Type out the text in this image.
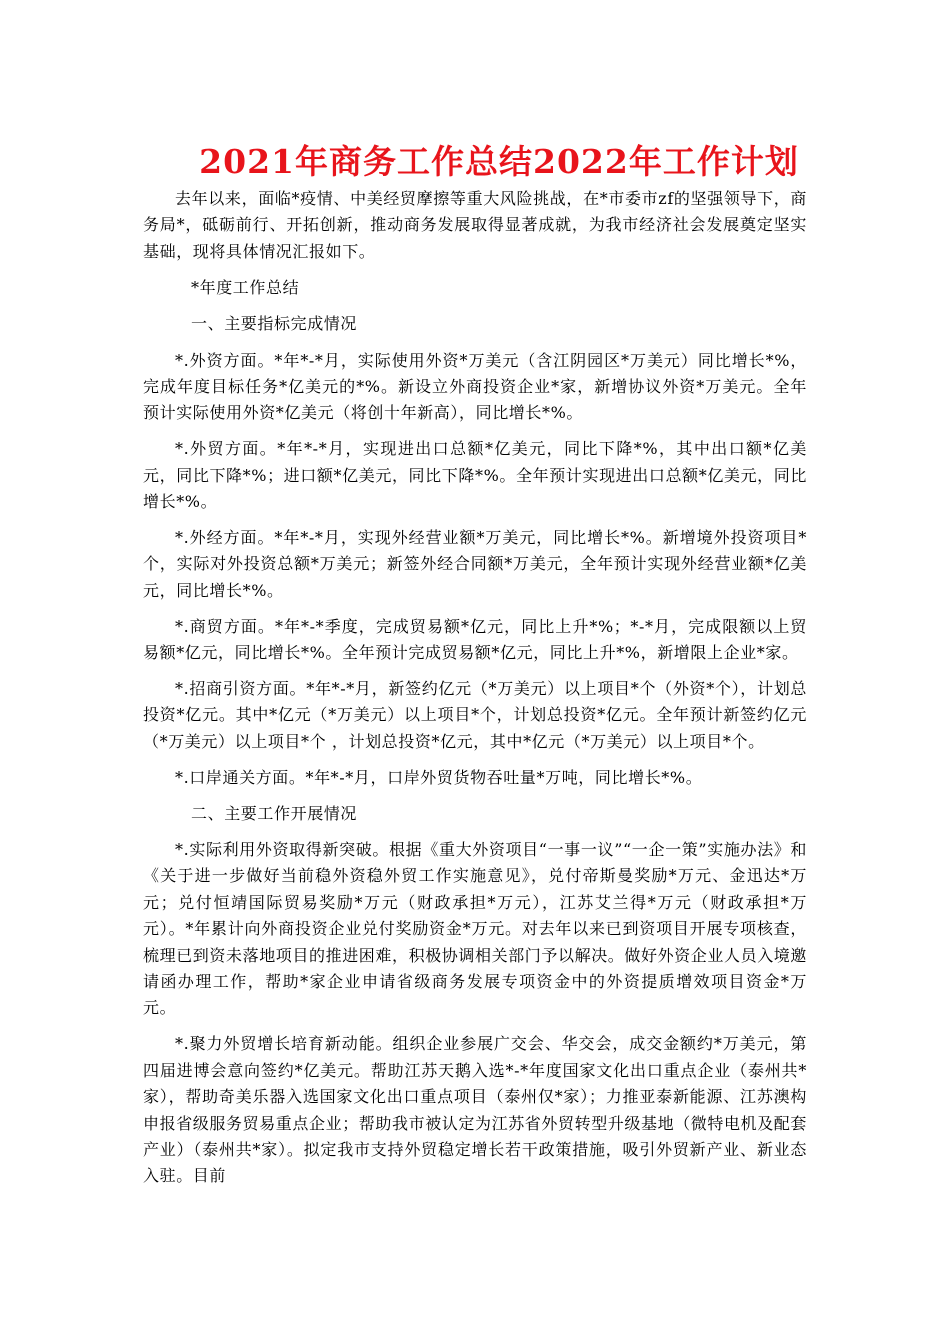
2021年商务工作总结2022年工作计划

去年以来，面临*疫情、中美经贸摩擦等重大风险挑战，在*市委市zf的坚强领导下，商务局*，砥砺前行、开拓创新，推动商务发展取得显著成就，为我市经济社会发展奠定坚实基础，现将具体情况汇报如下。

*年度工作总结

一、主要指标完成情况

*.外资方面。*年*-*月，实际使用外资*万美元（含江阴园区*万美元）同比增长*%，完成年度目标任务*亿美元的*%。新设立外商投资企业*家，新增协议外资*万美元。全年预计实际使用外资*亿美元（将创十年新高），同比增长*%。

*.外贸方面。*年*-*月，实现进出口总额*亿美元，同比下降*%，其中出口额*亿美元，同比下降*%；进口额*亿美元，同比下降*%。全年预计实现进出口总额*亿美元，同比增长*%。

*.外经方面。*年*-*月，实现外经营业额*万美元，同比增长*%。新增境外投资项目*个，实际对外投资总额*万美元；新签外经合同额*万美元，全年预计实现外经营业额*亿美元，同比增长*%。

*.商贸方面。*年*-*季度，完成贸易额*亿元，同比上升*%；*-*月，完成限额以上贸易额*亿元，同比增长*%。全年预计完成贸易额*亿元，同比上升*%，新增限上企业*家。

*.招商引资方面。*年*-*月，新签约亿元（*万美元）以上项目*个（外资*个），计划总投资*亿元。其中*亿元（*万美元）以上项目*个，计划总投资*亿元。全年预计新签约亿元（*万美元）以上项目*个 ，计划总投资*亿元，其中*亿元（*万美元）以上项目*个。

*.口岸通关方面。*年*-*月，口岸外贸货物吞吐量*万吨，同比增长*%。

二、主要工作开展情况

*.实际利用外资取得新突破。根据《重大外资项目“一事一议”“一企一策”实施办法》和《关于进一步做好当前稳外资稳外贸工作实施意见》，兑付帝斯曼奖励*万元、金迅达*万元；兑付恒靖国际贸易奖励*万元（财政承担*万元），江苏艾兰得*万元（财政承担*万元）。*年累计向外商投资企业兑付奖励资金*万元。对去年以来已到资项目开展专项核查，梳理已到资未落地项目的推进困难，积极协调相关部门予以解决。做好外资企业人员入境邀请函办理工作，帮助*家企业申请省级商务发展专项资金中的外资提质增效项目资金*万元。

*.聚力外贸增长培育新动能。组织企业参展广交会、华交会，成交金额约*万美元，第四届进博会意向签约*亿美元。帮助江苏天鹅入选*-*年度国家文化出口重点企业（泰州共*家），帮助奇美乐器入选国家文化出口重点项目（泰州仅*家）；力推亚泰新能源、江苏澳构申报省级服务贸易重点企业；帮助我市被认定为江苏省外贸转型升级基地（微特电机及配套产业）（泰州共*家）。拟定我市支持外贸稳定增长若干政策措施，吸引外贸新产业、新业态入驻。目前
